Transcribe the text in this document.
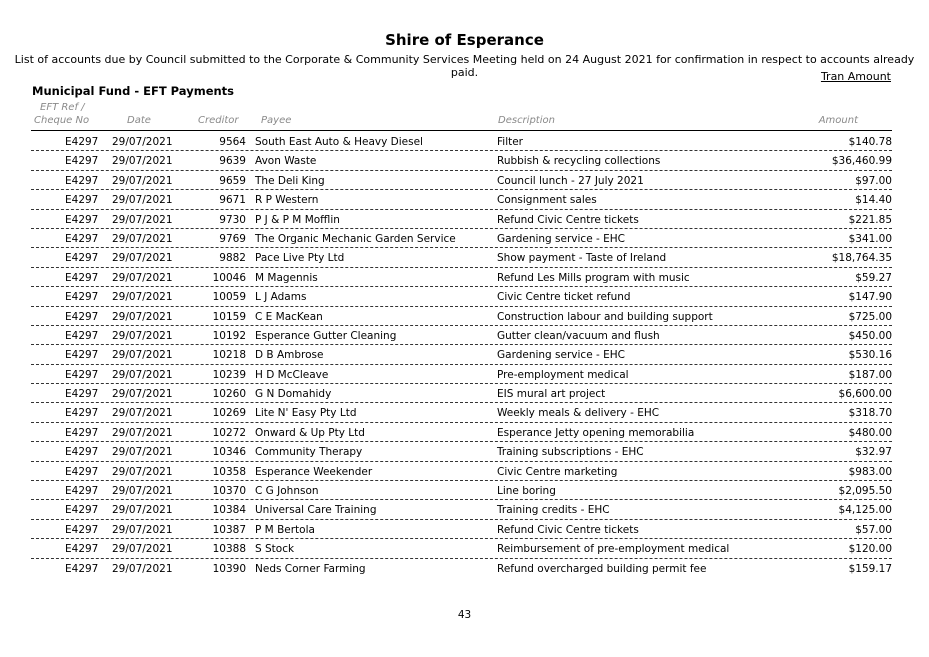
Shire of Esperance
List of accounts due by Council submitted to the Corporate & Community Services Meeting held on 24 August 2021 for confirmation in respect to accounts already paid.	Tran Amount
Municipal Fund - EFT Payments
EFT Ref /
Cheque No	Date	Creditor Payee	Description	Amount
E4297 29/07/2021	9564 South East Auto & Heavy Diesel	Filter	$140.78
E4297 29/07/2021	9639 Avon Waste	Rubbish & recycling collections	$36,460.99
E4297 29/07/2021	9659 The Deli King	Council lunch - 27 July 2021	$97.00
E4297 29/07/2021	9671 R P Western	Consignment sales	$14.40
E4297 29/07/2021	9730 P J & P M Mofflin	Refund Civic Centre tickets	$221.85
E4297 29/07/2021	9769 The Organic Mechanic Garden Service	Gardening service - EHC	$341.00
E4297 29/07/2021	9882 Pace Live Pty Ltd	Show payment - Taste of Ireland	$18,764.35
E4297 29/07/2021	10046 M Magennis	Refund Les Mills program with music	$59.27
E4297 29/07/2021	10059 L J Adams	Civic Centre ticket refund	$147.90
E4297 29/07/2021	10159 C E MacKean	Construction labour and building support	$725.00
E4297 29/07/2021	10192 Esperance Gutter Cleaning	Gutter clean/vacuum and flush	$450.00
E4297 29/07/2021	10218 D B Ambrose	Gardening service - EHC	$530.16
E4297 29/07/2021	10239 H D McCleave	Pre-employment medical	$187.00
E4297 29/07/2021	10260 G N Domahidy	EIS mural art project	$6,600.00
E4297 29/07/2021	10269 Lite N' Easy Pty Ltd	Weekly meals & delivery - EHC	$318.70
E4297 29/07/2021	10272 Onward & Up Pty Ltd	Esperance Jetty opening memorabilia	$480.00
E4297 29/07/2021	10346 Community Therapy	Training subscriptions - EHC	$32.97
E4297 29/07/2021	10358 Esperance Weekender	Civic Centre marketing	$983.00
E4297 29/07/2021	10370 C G Johnson	Line boring	$2,095.50
E4297 29/07/2021	10384 Universal Care Training	Training credits - EHC	$4,125.00
E4297 29/07/2021	10387 P M Bertola	Refund Civic Centre tickets	$57.00
E4297 29/07/2021	10388 S Stock	Reimbursement of pre-employment medical	$120.00
E4297 29/07/2021	10390 Neds Corner Farming	Refund overcharged building permit fee	$159.17
43
